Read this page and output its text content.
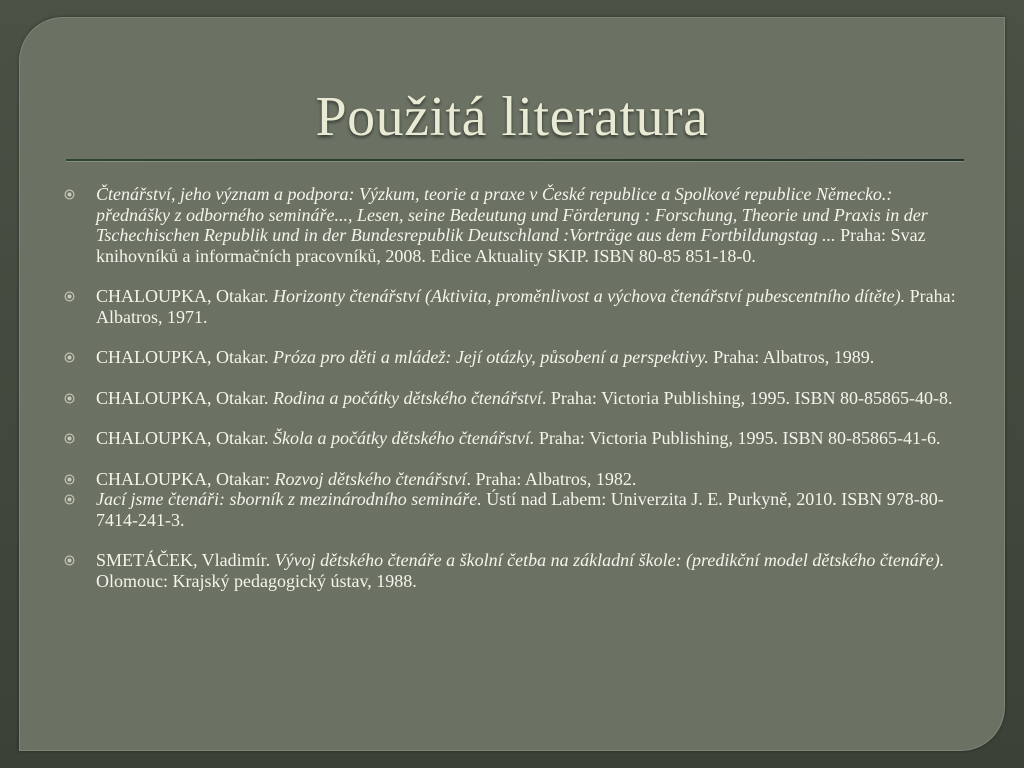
Použitá literatura
Čtenářství, jeho význam a podpora: Výzkum, teorie a praxe v České republice a Spolkové republice Německo.: přednášky z odborného semináře..., Lesen, seine Bedeutung und Förderung : Forschung, Theorie und Praxis in der Tschechischen Republik und in der Bundesrepublik Deutschland :Vorträge aus dem Fortbildungstag ... Praha: Svaz knihovníků a informačních pracovníků, 2008. Edice Aktuality SKIP. ISBN 80-85 851-18-0.
CHALOUPKA, Otakar. Horizonty čtenářství (Aktivita, proměnlivost a výchova čtenářství pubescentního dítěte). Praha: Albatros, 1971.
CHALOUPKA, Otakar. Próza pro děti a mládež: Její otázky, působení a perspektivy. Praha: Albatros, 1989.
CHALOUPKA, Otakar. Rodina a počátky dětského čtenářství. Praha: Victoria Publishing, 1995. ISBN 80-85865-40-8.
CHALOUPKA, Otakar. Škola a počátky dětského čtenářství. Praha: Victoria Publishing, 1995. ISBN 80-85865-41-6.
CHALOUPKA, Otakar: Rozvoj dětského čtenářství. Praha: Albatros, 1982.
Jací jsme čtenáři: sborník z mezinárodního semináře. Ústí nad Labem: Univerzita J. E. Purkyně, 2010. ISBN 978-80-7414-241-3.
SMETÁČEK, Vladimír. Vývoj dětského čtenáře a školní četba na základní škole: (predikční model dětského čtenáře). Olomouc: Krajský pedagogický ústav, 1988.
